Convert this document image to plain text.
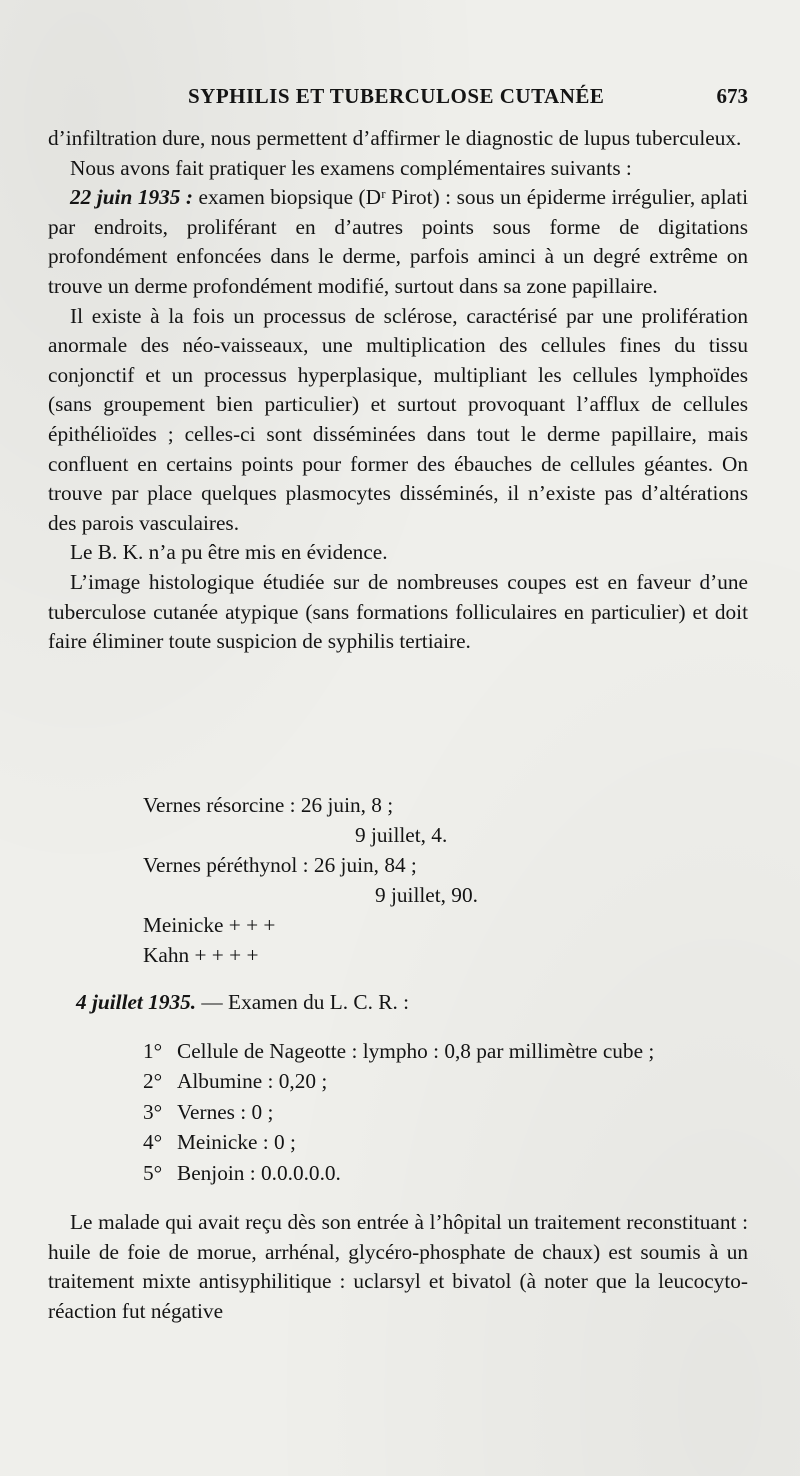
SYPHILIS ET TUBERCULOSE CUTANÉE	673

d’infiltration dure, nous permettent d’affirmer le diagnostic de lupus tuberculeux.

Nous avons fait pratiquer les examens complémentaires suivants :

22 juin 1935 : examen biopsique (Dʳ Pirot) : sous un épiderme irrégulier, aplati par endroits, proliférant en d’autres points sous forme de digitations profondément enfoncées dans le derme, parfois aminci à un degré extrême on trouve un derme profondément modifié, surtout dans sa zone papillaire.

Il existe à la fois un processus de sclérose, caractérisé par une prolifération anormale des néo-vaisseaux, une multiplication des cellules fines du tissu conjonctif et un processus hyperplasique, multipliant les cellules lymphoïdes (sans groupement bien particulier) et surtout provoquant l’afflux de cellules épithélioïdes ; celles-ci sont disséminées dans tout le derme papillaire, mais confluent en certains points pour former des ébauches de cellules géantes. On trouve par place quelques plasmocytes disséminés, il n’existe pas d’altérations des parois vasculaires.

Le B. K. n’a pu être mis en évidence.

L’image histologique étudiée sur de nombreuses coupes est en faveur d’une tuberculose cutanée atypique (sans formations folliculaires en particulier) et doit faire éliminer toute suspicion de syphilis tertiaire.

Vernes résorcine : 26 juin, 8 ;
9 juillet, 4.
Vernes péréthynol : 26 juin, 84 ;
9 juillet, 90.
Meinicke + + +
Kahn + + + +
4 juillet 1935. — Examen du L. C. R. :
1° Cellule de Nageotte : lympho : 0,8 par millimètre cube ;
2° Albumine : 0,20 ;
3° Vernes : 0 ;
4° Meinicke : 0 ;
5° Benjoin : 0.0.0.0.0.

Le malade qui avait reçu dès son entrée à l’hôpital un traitement reconstituant : huile de foie de morue, arrhénal, glycéro-phosphate de chaux) est soumis à un traitement mixte antisyphilitique : uclarsyl et bivatol (à noter que la leucocyto-réaction fut négative
